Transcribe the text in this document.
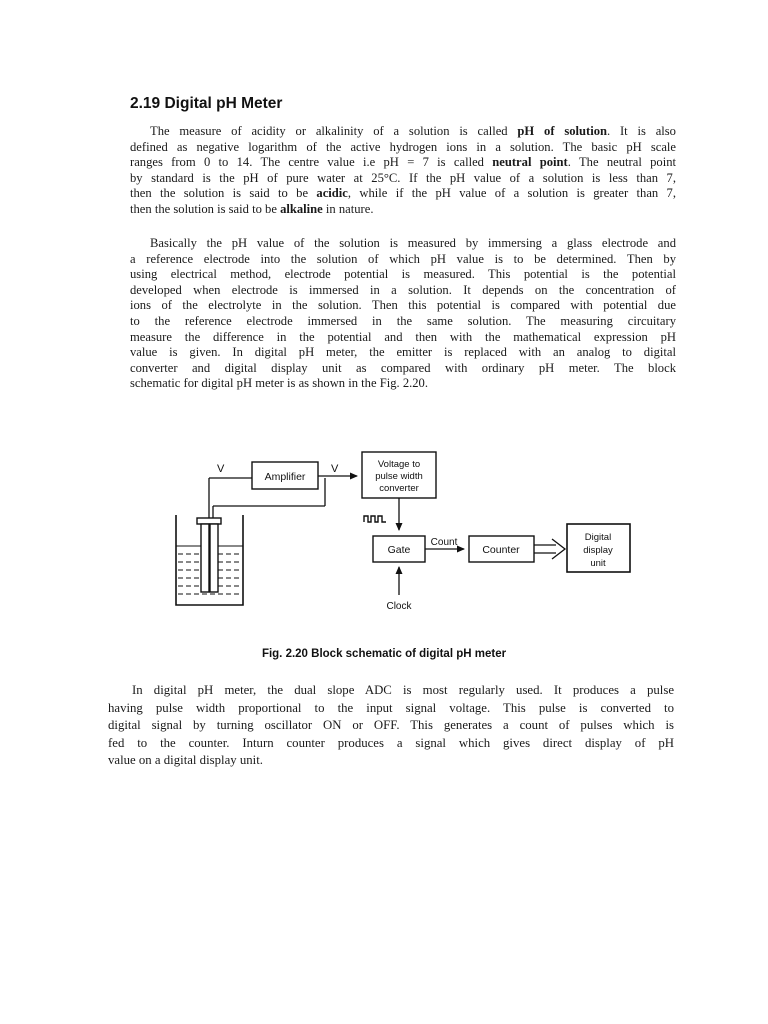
2.19 Digital pH Meter
The measure of acidity or alkalinity of a solution is called pH of solution. It is also
defined as negative logarithm of the active hydrogen ions in a solution. The basic pH scale
ranges from 0 to 14. The centre value i.e pH = 7 is called neutral point. The neutral point
by standard is the pH of pure water at 25°C. If the pH value of a solution is less than 7,
then the solution is said to be acidic, while if the pH value of a solution is greater than 7,
then the solution is said to be alkaline in nature.
Basically the pH value of the solution is measured by immersing a glass electrode and
a reference electrode into the solution of which pH value is to be determined. Then by
using electrical method, electrode potential is measured. This potential is the potential
developed when electrode is immersed in a solution. It depends on the concentration of
ions of the electrolyte in the solution. Then this potential is compared with potential due
to the reference electrode immersed in the same solution. The measuring circuitary
measure the difference in the potential and then with the mathematical expression pH
value is given. In digital pH meter, the emitter is replaced with an analog to digital
converter and digital display unit as compared with ordinary pH meter. The block
schematic for digital pH meter is as shown in the Fig. 2.20.
V	V
Amplifier
Voltage to
pulse width
converter
Gate
Count
Counter
Digital
display
unit
Clock
Fig. 2.20 Block schematic of digital pH meter
In digital pH meter, the dual slope ADC is most regularly used. It produces a pulse
having pulse width proportional to the input signal voltage. This pulse is converted to
digital signal by turning oscillator ON or OFF. This generates a count of pulses which is
fed to the counter. Inturn counter produces a signal which gives direct display of pH
value on a digital display unit.
